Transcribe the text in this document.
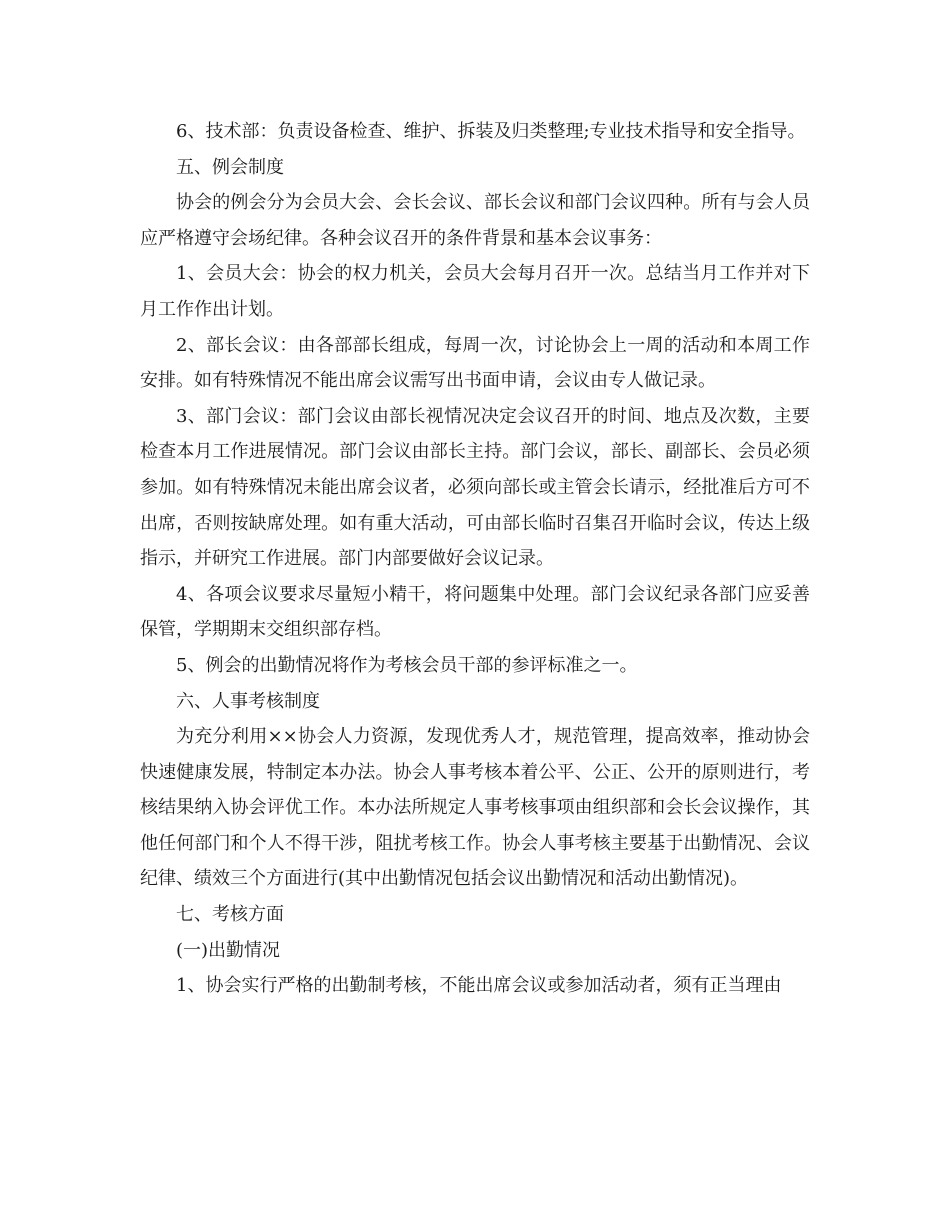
6、技术部：负责设备检查、维护、拆装及归类整理;专业技术指导和安全指导。

五、例会制度

协会的例会分为会员大会、会长会议、部长会议和部门会议四种。所有与会人员应严格遵守会场纪律。各种会议召开的条件背景和基本会议事务：

1、会员大会：协会的权力机关，会员大会每月召开一次。总结当月工作并对下月工作作出计划。

2、部长会议：由各部部长组成，每周一次，讨论协会上一周的活动和本周工作安排。如有特殊情况不能出席会议需写出书面申请，会议由专人做记录。

3、部门会议：部门会议由部长视情况决定会议召开的时间、地点及次数，主要检查本月工作进展情况。部门会议由部长主持。部门会议，部长、副部长、会员必须参加。如有特殊情况未能出席会议者，必须向部长或主管会长请示，经批准后方可不出席，否则按缺席处理。如有重大活动，可由部长临时召集召开临时会议，传达上级指示，并研究工作进展。部门内部要做好会议记录。

4、各项会议要求尽量短小精干，将问题集中处理。部门会议纪录各部门应妥善保管，学期期末交组织部存档。

5、例会的出勤情况将作为考核会员干部的参评标准之一。

六、人事考核制度

为充分利用××协会人力资源，发现优秀人才，规范管理，提高效率，推动协会快速健康发展，特制定本办法。协会人事考核本着公平、公正、公开的原则进行，考核结果纳入协会评优工作。本办法所规定人事考核事项由组织部和会长会议操作，其他任何部门和个人不得干涉，阻扰考核工作。协会人事考核主要基于出勤情况、会议纪律、绩效三个方面进行(其中出勤情况包括会议出勤情况和活动出勤情况)。

七、考核方面

(一)出勤情况

1、协会实行严格的出勤制考核，不能出席会议或参加活动者，须有正当理由
